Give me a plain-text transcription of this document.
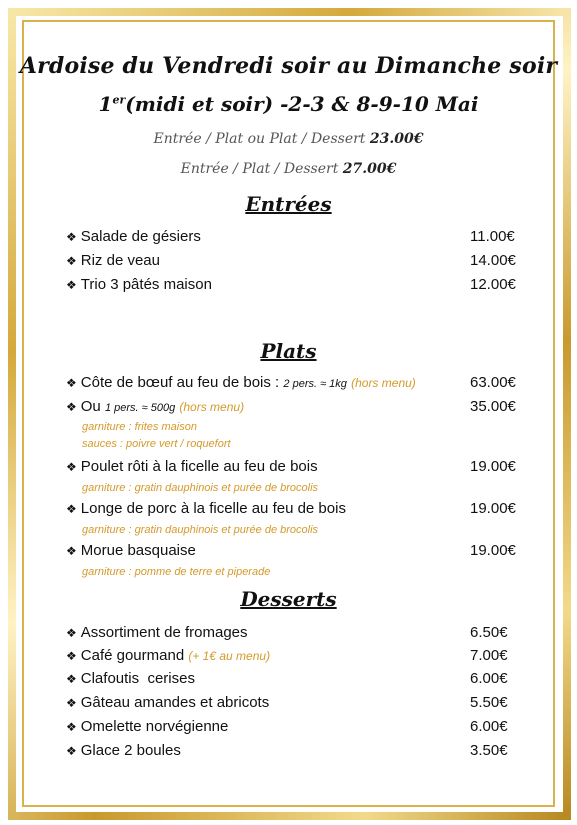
Ardoise du Vendredi soir au Dimanche soir
1er(midi et soir) -2-3 & 8-9-10 Mai
Entrée / Plat ou Plat / Dessert 23.00€
Entrée / Plat / Dessert 27.00€
Entrées
❖ Salade de gésiers	11.00€
❖ Riz de veau	14.00€
❖ Trio 3 pâtés maison	12.00€
Plats
❖ Côte de bœuf au feu de bois : 2 pers. ≈ 1kg (hors menu)	63.00€
❖ Ou 1 pers. ≈ 500g (hors menu)	35.00€
garniture : frites maison
sauces : poivre vert / roquefort
❖ Poulet rôti à la ficelle au feu de bois	19.00€
garniture : gratin dauphinois et purée de brocolis
❖ Longe de porc à la ficelle au feu de bois	19.00€
garniture : gratin dauphinois et purée de brocolis
❖ Morue basquaise	19.00€
garniture : pomme de terre et piperade
Desserts
❖ Assortiment de fromages	6.50€
❖ Café gourmand (+ 1€ au menu)	7.00€
❖ Clafoutis  cerises	6.00€
❖ Gâteau amandes et abricots	5.50€
❖ Omelette norvégienne	6.00€
❖ Glace 2 boules	3.50€
